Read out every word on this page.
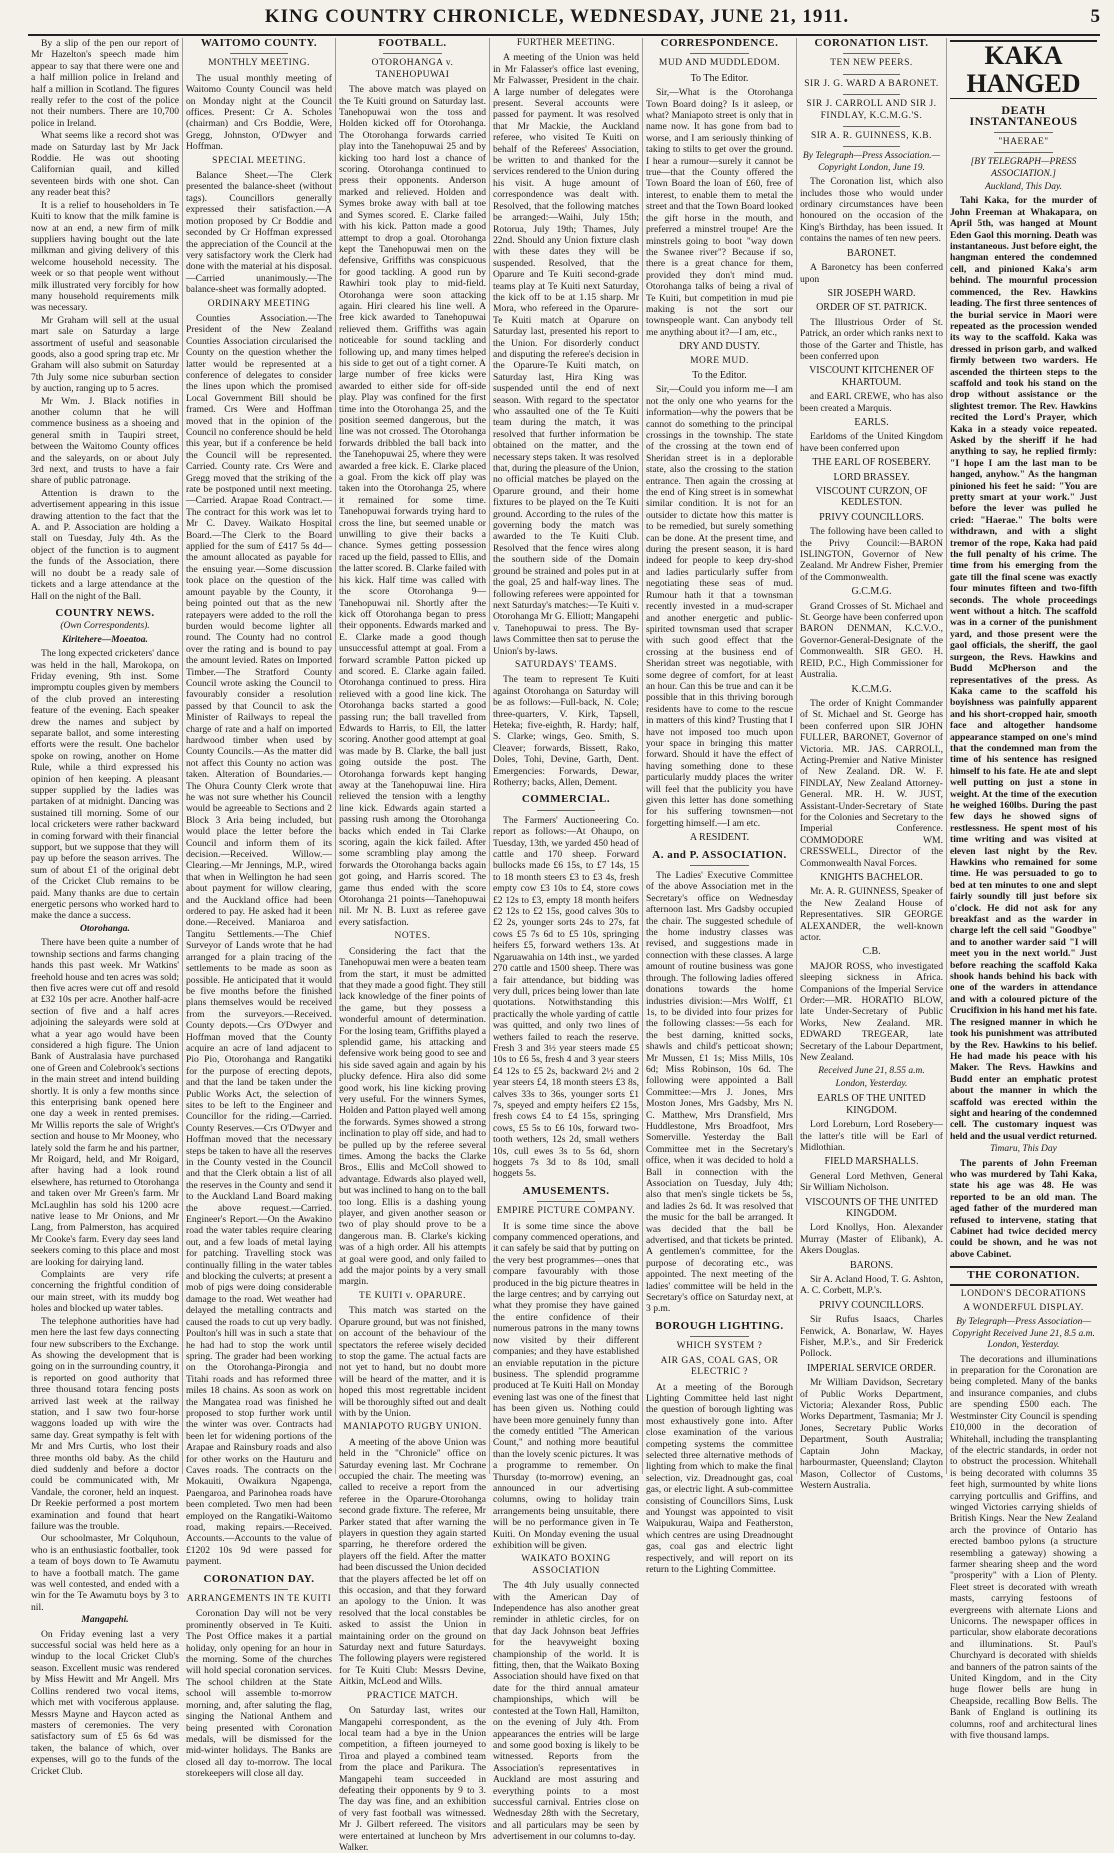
KING COUNTRY CHRONICLE, WEDNESDAY, JUNE 21, 1911.	5

By a slip of the pen our report of Mr Hazelton's speech made him appear to say that there were one and a half million police in Ireland and half a million in Scotland. The figures really refer to the cost of the police not their numbers. There are 10,700 police in Ireland.

What seems like a record shot was made on Saturday last by Mr Jack Roddie. He was out shooting Californian quail, and killed seventeen birds with one shot. Can any reader beat this?

It is a relief to householders in Te Kuiti to know that the milk famine is now at an end, a new firm of milk suppliers having bought out the late milkman and giving delivery of this welcome household necessity. The week or so that people went without milk illustrated very forcibly for how many household requirements milk was necessary.

Mr Graham will sell at the usual mart sale on Saturday a large assortment of useful and seasonable goods, also a good spring trap etc. Mr Graham will also submit on Saturday 7th July some nice suburban section by auction, ranging up to 5 acres.

Mr Wm. J. Black notifies in another column that he will commence business as a shoeing and general smith in Taupiri street, between the Waitomo County offices and the saleyards, on or about July 3rd next, and trusts to have a fair share of public patronage.

Attention is drawn to the advertisement appearing in this issue drawing attention to the fact that the A. and P. Association are holding a stall on Tuesday, July 4th. As the object of the function is to augment the funds of the Association, there will no doubt be a ready sale of tickets and a large attendance at the Hall on the night of the Ball.

COUNTRY NEWS.
(Own Correspondents).
Kiritehere—Moeatoa.

The long expected cricketers' dance was held in the hall, Marokopa, on Friday evening, 9th inst. Some impromptu couples given by members of the club proved an interesting feature of the evening. Each speaker drew the names and subject by separate ballot, and some interesting efforts were the result. One bachelor spoke on rowing, another on Home Rule, while a third expressed his opinion of hen keeping. A pleasant supper supplied by the ladies was partaken of at midnight. Dancing was sustained till morning. Some of our local cricketers were rather backward in coming forward with their financial support, but we suppose that they will pay up before the season arrives. The sum of about £1 of the original debt of the Cricket Club remains to be paid. Many thanks are due to certain energetic persons who worked hard to make the dance a success.

Otorohanga.

There have been quite a number of township sections and farms changing hands this past week. Mr Watkins' freehold house and ten acres was sold; then five acres were cut off and resold at £32 10s per acre. Another half-acre section of five and a half acres adjoining the saleyards were sold at what a year ago would have been considered a high figure. The Union Bank of Australasia have purchased one of Green and Colebrook's sections in the main street and intend building shortly. It is only a few months since this enterprising bank opened here one day a week in rented premises. Mr Willis reports the sale of Wright's section and house to Mr Mooney, who lately sold the farm he and his partner, Mr Roigard, held, and Mr Roigard, after having had a look round elsewhere, has returned to Otorohanga and taken over Mr Green's farm. Mr McLaughlin has sold his 1200 acre native lease to Mr Onions, and Mr Lang, from Palmerston, has acquired Mr Cooke's farm. Every day sees land seekers coming to this place and most are looking for dairying land.

Complaints are very rife concerning the frightful condition of our main street, with its muddy bog holes and blocked up water tables.

The telephone authorities have had men here the last few days connecting four new subscribers to the Exchange. As showing the development that is going on in the surrounding country, it is reported on good authority that three thousand totara fencing posts arrived last week at the railway station, and I saw two four-horse waggons loaded up with wire the same day. Great sympathy is felt with Mr and Mrs Curtis, who lost their three months old baby. As the child died suddenly and before a doctor could be communicated with, Mr Vandale, the coroner, held an inquest. Dr Reekie performed a post mortem examination and found that heart failure was the trouble.

Our schoolmaster, Mr Colquhoun, who is an enthusiastic footballer, took a team of boys down to Te Awamutu to have a football match. The game was well contested, and ended with a win for the Te Awamutu boys by 3 to nil.

Mangapehi.

On Friday evening last a very successful social was held here as a windup to the local Cricket Club's season. Excellent music was rendered by Miss Hewitt and Mr Angell. Mrs Collins rendered two vocal items, which met with vociferous applause. Messrs Mayne and Haycon acted as masters of ceremonies. The very satisfactory sum of £5 6s 6d was taken, the balance of which, over expenses, will go to the funds of the Cricket Club.

WAITOMO COUNTY.
MONTHLY MEETING.

The usual monthly meeting of Waitomo County Council was held on Monday night at the Council offices. Present: Cr A. Scholes (chairman) and Crs Boddie, Were, Gregg, Johnston, O'Dwyer and Hoffman.

SPECIAL MEETING.

Balance Sheet.—The Clerk presented the balance-sheet (without tags). Councillors generally expressed their satisfaction.—A motion proposed by Cr Boddie and seconded by Cr Hoffman expressed the appreciation of the Council at the very satisfactory work the Clerk had done with the material at his disposal.—Carried unanimously.—The balance-sheet was formally adopted.

ORDINARY MEETING

Counties Association.—The President of the New Zealand Counties Association circularised the County on the question whether the latter would be represented at a conference of delegates to consider the lines upon which the promised Local Government Bill should be framed. Crs Were and Hoffman moved that in the opinion of the Council no conference should be held this year, but if a conference be held the Council will be represented. Carried. County rate. Crs Were and Gregg moved that the striking of the rate be postponed until next meeting.—Carried. Arapae Road Contract.—The contract for this work was let to Mr C. Davey. Waikato Hospital Board.—The Clerk to the Board applied for the sum of £417 5s 4d—the amount allocated as payable for the ensuing year.—Some discussion took place on the question of the amount payable by the County, it being pointed out that as the new ratepayers were added to the roll the burden would become lighter all round. The County had no control over the rating and is bound to pay the amount levied. Rates on Imported Timber.—The Stratford County Council wrote asking the Council to favourably consider a resolution passed by that Council to ask the Minister of Railways to repeal the charge of rate and a half on imported hardwood timber when used by County Councils.—As the matter did not affect this County no action was taken. Alteration of Boundaries.—The Ohura County Clerk wrote that he was not sure whether his Council would be agreeable to Sections and 2 Block 3 Aria being included, but would place the letter before the Council and inform them of its decision.—Received. Willow.—Clearing.—Mr Jennings, M.P., wired that when in Wellington he had seen about payment for willow clearing, and the Auckland office had been ordered to pay. He asked had it been done.—Received. Maniaroa and Tangitu Settlements.—The Chief Surveyor of Lands wrote that he had arranged for a plain tracing of the settlements to be made as soon as possible. He anticipated that it would be five months before the finished plans themselves would be received from the surveyors.—Received. County depots.—Crs O'Dwyer and Hoffman moved that the County acquire an acre of land adjacent to Pio Pio, Otorohanga and Rangatiki for the purpose of erecting depots, and that the land be taken under the Public Works Act, the selection of sites to be left to the Engineer and Councillor for the riding.—Carried. County Reserves.—Crs O'Dwyer and Hoffman moved that the necessary steps be taken to have all the reserves in the County vested in the Council and that the Clerk obtain a list of all the reserves in the County and send it to the Auckland Land Board making the above request.—Carried. Engineer's Report.—On the Awakino road the water tables require clearing out, and a few loads of metal laying for patching. Travelling stock was continually filling in the water tables and blocking the culverts; at present a mob of pigs were doing considerable damage to the road. Wet weather had delayed the metalling contracts and caused the roads to cut up very badly. Poulton's hill was in such a state that he had had to stop the work until spring. The grader had been working on the Otorohanga-Pirongia and Titahi roads and has reformed three miles 18 chains. As soon as work on the Mangatea road was finished he proposed to stop further work until the winter was over. Contracts had been let for widening portions of the Arapae and Rainsbury roads and also for other works on the Hauturu and Caves roads. The contracts on the Mokauiti, Owaikura Ngapenga, Paengaroa, and Parinohea roads have been completed. Two men had been employed on the Rangatiki-Waitomo road, making repairs.—Received. Accounts.—Accounts to the value of £1202 10s 9d were passed for payment.

CORONATION DAY.
ARRANGEMENTS IN TE KUITI

Coronation Day will not be very prominently observed in Te Kuiti. The Post Office makes it a partial holiday, only opening for an hour in the morning. Some of the churches will hold special coronation services. The school children at the State school will assemble to-morrow morning, and, after saluting the flag, singing the National Anthem and being presented with Coronation medals, will be dismissed for the mid-winter holidays. The Banks are closed all day to-morrow. The local storekeepers will close all day.

FOOTBALL.
OTOROHANGA v. TANEHOPUWAI

The above match was played on the Te Kuiti ground on Saturday last. Tanehopuwai won the toss and Holden kicked off for Otorohanga. The Otorohanga forwards carried play into the Tanehopuwai 25 and by kicking too hard lost a chance of scoring. Otorohanga continued to press their opponents. Anderson marked and relieved. Holden and Symes broke away with ball at toe and Symes scored. E. Clarke failed with his kick. Patton made a good attempt to drop a goal. Otorohanga kept the Tanehopuwai men on the defensive, Griffiths was conspicuous for good tackling. A good run by Rawhiri took play to mid-field. Otorohanga were soon attacking again. Hiri cleared his line well. A free kick awarded to Tanehopuwai relieved them. Griffiths was again noticeable for sound tackling and following up, and many times helped his side to get out of a tight corner. A large number of free kicks were awarded to either side for off-side play. Play was confined for the first time into the Otorohanga 25, and the position seemed dangerous, but the line was not crossed. The Otorohanga forwards dribbled the ball back into the Tanehopuwai 25, where they were awarded a free kick. E. Clarke placed a goal. From the kick off play was taken into the Otorohanga 25, where it remained for some time. Tanehopuwai forwards trying hard to cross the line, but seemed unable or unwilling to give their backs a chance. Symes getting possession raced up the field, passed to Ellis, and the latter scored. B. Clarke failed with his kick. Half time was called with the score Otorohanga 9—Tanehopuwai nil. Shortly after the kick off Otorohanga began to press their opponents. Edwards marked and E. Clarke made a good though unsuccessful attempt at goal. From a forward scramble Patton picked up and scored. E. Clarke again failed. Otorohanga continued to press. Hira relieved with a good line kick. The Otorohanga backs started a good passing run; the ball travelled from Edwards to Harris, to Ell, the latter scoring. Another good attempt at goal was made by B. Clarke, the ball just going outside the post. The Otorohanga forwards kept hanging away at the Tanehopuwai line. Hira relieved the tension with a lengthy line kick. Edwards again started a passing rush among the Otorohanga backs which ended in Tai Clarke scoring, again the kick failed. After some scrambling play among the forwards the Otorohanga backs again got going, and Harris scored. The game thus ended with the score Otorohanga 21 points—Tanehopuwai nil. Mr N. B. Luxt as referee gave every satisfaction.

NOTES.

Considering the fact that the Tanehopuwai men were a beaten team from the start, it must be admitted that they made a good fight. They still lack knowledge of the finer points of the game, but they possess a wonderful amount of determination. For the losing team, Griffiths played a splendid game, his attacking and defensive work being good to see and his side saved again and again by his plucky defence. Hira also did some good work, his line kicking proving very useful. For the winners Symes, Holden and Patton played well among the forwards. Symes showed a strong inclination to play off side, and had to be pulled up by the referee several times. Among the backs the Clarke Bros., Ellis and McColl showed to advantage. Edwards also played well, but was inclined to hang on to the ball too long. Ellis is a dashing young player, and given another season or two of play should prove to be a dangerous man. B. Clarke's kicking was of a high order. All his attempts at goal were good, and only failed to add the major points by a very small margin.

TE KUITI v. OPARURE.

This match was started on the Oparure ground, but was not finished, on account of the behaviour of the spectators the referee wisely decided to stop the game. The actual facts are not yet to hand, but no doubt more will be heard of the matter, and it is hoped this most regrettable incident will be thoroughly sifted out and dealt with by the Union.

MANIAPOTO RUGBY UNION.

A meeting of the above Union was held in the "Chronicle" office on Saturday evening last. Mr Cochrane occupied the chair. The meeting was called to receive a report from the referee in the Oparure-Otorohanga second grade fixture. The referee, Mr Parker stated that after warning the players in question they again started sparring, he therefore ordered the players off the field. After the matter had been discussed the Union decided that the players affected be let off on this occasion, and that they forward an apology to the Union. It was resolved that the local constables be asked to assist the Union in maintaining order on the ground on Saturday next and future Saturdays. The following players were registered for Te Kuiti Club: Messrs Devine, Aitkin, McLeod and Wills.

PRACTICE MATCH.

On Saturday last, writes our Mangapehi correspondent, as the local team had a bye in the Union competition, a fifteen journeyed to Tiroa and played a combined team from the place and Parikura. The Mangapehi team succeeded in defeating their opponents by 9 to 3. The day was fine, and an exhibition of very fast football was witnessed. Mr J. Gilbert refereed. The visitors were entertained at luncheon by Mrs Walker.

FURTHER MEETING.

A meeting of the Union was held in Mr Falasser's office last evening, Mr Falwasser, President in the chair. A large number of delegates were present. Several accounts were passed for payment. It was resolved that Mr Mackie, the Auckland referee, who visited Te Kuiti on behalf of the Referees' Association, be written to and thanked for the services rendered to the Union during his visit. A huge amount of correspondence was dealt with. Resolved, that the following matches be arranged:—Waihi, July 15th; Rotorua, July 19th; Thames, July 22nd. Should any Union fixture clash with these dates they will be suspended. Resolved, that the Oparure and Te Kuiti second-grade teams play at Te Kuiti next Saturday, the kick off to be at 1.15 sharp. Mr Mora, who refereed in the Oparure-Te Kuiti match at Oparure on Saturday last, presented his report to the Union. For disorderly conduct and disputing the referee's decision in the Oparure-Te Kuiti match, on Saturday last, Hira King was suspended until the end of next season. With regard to the spectator who assaulted one of the Te Kuiti team during the match, it was resolved that further information be obtained on the matter, and the necessary steps taken. It was resolved that, during the pleasure of the Union, no official matches be played on the Oparure ground, and their home fixtures to be played on the Te Kuiti ground. According to the rules of the governing body the match was awarded to the Te Kuiti Club. Resolved that the fence wires along the southern side of the Domain ground be strained and poles put in at the goal, 25 and half-way lines. The following referees were appointed for next Saturday's matches:—Te Kuiti v. Otorohanga Mr G. Elliott; Mangapehi v. Tanehopuwai to press. The By-laws Committee then sat to peruse the Union's by-laws.

SATURDAYS' TEAMS.

The team to represent Te Kuiti against Otorohanga on Saturday will be as follows:—Full-back, N. Cole; three-quarters, V. Kirk, Tapsell, Heteka; five-eighth, R. Hardy; half, S. Clarke; wings, Geo. Smith, S. Cleaver; forwards, Bissett, Rako, Doles, Tohi, Devine, Garth, Dent. Emergencies: Forwards, Dewar, Rotherry; backs, Allen, Dement.

COMMERCIAL.

The Farmers' Auctioneering Co. report as follows:—At Ohaupo, on Tuesday, 13th, we yarded 450 head of cattle and 170 sheep. Forward bullocks made £6 15s, to £7 14s, 15 to 18 month steers £3 to £3 4s, fresh empty cow £3 10s to £4, store cows £2 12s to £3, empty 18 month heifers £2 12s to £2 15s, good calves 30s to £2 2s, younger sorts 24s to 27s, fat cows £5 7s 6d to £5 10s, springing heifers £5, forward wethers 13s. At Ngaruawahia on 14th inst., we yarded 270 cattle and 1500 sheep. There was a fair attendance, but bidding was very dull, prices being lower than late quotations. Notwithstanding this practically the whole yarding of cattle was quitted, and only two lines of wethers failed to reach the reserve. Fresh 3 and 3½ year steers made £5 10s to £6 5s, fresh 4 and 3 year steers £4 12s to £5 2s, backward 2½ and 2 year steers £4, 18 month steers £3 8s, calves 33s to 36s, younger sorts £1 7s, speyed and empty heifers £2 15s, fresh cows £4 to £4 15s, springing cows, £5 5s to £6 10s, forward two-tooth wethers, 12s 2d, small wethers 10s, cull ewes 3s to 5s 6d, shorn hoggets 7s 3d to 8s 10d, small hoggets 5s.

AMUSEMENTS.
EMPIRE PICTURE COMPANY.

It is some time since the above company commenced operations, and it can safely be said that by putting on the very best programmes—ones that compare favourably with those produced in the big picture theatres in the large centres; and by carrying out what they promise they have gained the entire confidence of their numerous patrons in the many towns now visited by their different companies; and they have established an enviable reputation in the picture business. The splendid programme produced at Te Kuiti Hall on Monday evening last was one of the finest that has been given us. Nothing could have been more genuinely funny than the comedy entitled "The American Count," and nothing more beautiful than the lovely scenic pictures. It was a programme to remember. On Thursday (to-morrow) evening, an announced in our advertising columns, owing to holiday train arrangements being unsuitable, there will be no performance given in Te Kuiti. On Monday evening the usual exhibition will be given.

WAIKATO BOXING ASSOCIATION

The 4th July usually connected with the American Day of Independence has also another great reminder in athletic circles, for on that day Jack Johnson beat Jeffries for the heavyweight boxing championship of the world. It is fitting, then, that the Waikato Boxing Association should have fixed on that date for the third annual amateur championships, which will be contested at the Town Hall, Hamilton, on the evening of July 4th. From appearances the entries will be large and some good boxing is likely to be witnessed. Reports from the Association's representatives in Auckland are most assuring and everything points to a most successful carnival. Entries close on Wednesday 28th with the Secretary, and all particulars may be seen by advertisement in our columns to-day.

CORRESPONDENCE.
MUD AND MUDDLEDOM.
To The Editor.

Sir,—What is the Otorohanga Town Board doing? Is it asleep, or what? Maniapoto street is only that in name now. It has gone from bad to worse, and I am seriously thinking of taking to stilts to get over the ground. I hear a rumour—surely it cannot be true—that the County offered the Town Board the loan of £60, free of interest, to enable them to metal the street and that the Town Board looked the gift horse in the mouth, and preferred a minstrel troupe! Are the minstrels going to boot "way down the Swanee river"? Because if so, there is a great chance for them, provided they don't mind mud. Otorohanga talks of being a rival of Te Kuiti, but competition in mud pie making is not the sort our townspeople want. Can anybody tell me anything about it?—I am, etc.,

DRY AND DUSTY.
MORE MUD.
To the Editor.

Sir,—Could you inform me—I am not the only one who yearns for the information—why the powers that be cannot do something to the principal crossings in the township. The state of the crossing at the town end of Sheridan street is in a deplorable state, also the crossing to the station entrance. Then again the crossing at the end of King street is in somewhat similar condition. It is not for an outsider to dictate how this matter is to be remedied, but surely something can be done. At the present time, and during the present season, it is hard indeed for people to keep dry-shod and ladies particularly suffer from negotiating these seas of mud. Rumour hath it that a townsman recently invested in a mud-scraper and another energetic and public-spirited townsman used that scraper with such good effect that the crossing at the business end of Sheridan street was negotiable, with some degree of comfort, for at least an hour. Can this be true and can it be possible that in this thriving borough residents have to come to the rescue in matters of this kind? Trusting that I have not imposed too much upon your space in bringing this matter forward. Should it have the effect of having something done to these particularly muddy places the writer will feel that the publicity you have given this letter has done something for his suffering townsmen—not forgetting himself.—I am etc.

A RESIDENT.
A. and P. ASSOCIATION.

The Ladies' Executive Committee of the above Association met in the Secretary's office on Wednesday afternoon last. Mrs Gadsby occupied the chair. The suggested schedule of the home industry classes was revised, and suggestions made in connection with these classes. A large amount of routine business was gone through. The following ladies offered donations towards the home industries division:—Mrs Wolff, £1 1s, to be divided into four prizes for the following classes:—5s each for the best darning, knitted socks, shawls and child's petticoat shown; Mr Mussen, £1 1s; Miss Mills, 10s 6d; Miss Robinson, 10s 6d. The following were appointed a Ball Committee:—Mrs J. Jones, Mrs Moston Jones, Mrs Gadsby, Mrs N. C. Matthew, Mrs Dransfield, Mrs Huddlestone, Mrs Broadfoot, Mrs Somerville. Yesterday the Ball Committee met in the Secretary's office, when it was decided to hold a Ball in connection with the Association on Tuesday, July 4th; also that men's single tickets be 5s, and ladies 2s 6d. It was resolved that the music for the ball be arranged. It was decided that the ball be advertised, and that tickets be printed. A gentlemen's committee, for the purpose of decorating etc., was appointed. The next meeting of the ladies' committee will be held in the Secretary's office on Saturday next, at 3 p.m.

BOROUGH LIGHTING.
WHICH SYSTEM ?
AIR GAS, COAL GAS, OR ELECTRIC ?

At a meeting of the Borough Lighting Committee held last night the question of borough lighting was most exhaustively gone into. After close examination of the various competing systems the committee selected three alternative methods of lighting from which to make the final selection, viz. Dreadnought gas, coal gas, or electric light. A sub-committee consisting of Councillors Sims, Lusk and Youngst was appointed to visit Waipukurau, Waipa and Featherston, which centres are using Dreadnought gas, coal gas and electric light respectively, and will report on its return to the Lighting Committee.

CORONATION LIST.
TEN NEW PEERS.
SIR J. G. WARD A BARONET.
SIR J. CARROLL AND SIR J. FINDLAY, K.C.M.G.'S.
SIR A. R. GUINNESS, K.B.
By Telegraph—Press Association.—Copyright London, June 19.

The Coronation list, which also includes those who would under ordinary circumstances have been honoured on the occasion of the King's Birthday, has been issued. It contains the names of ten new peers.

BARONET.

A Baronetcy has been conferred upon

SIR JOSEPH WARD.
ORDER OF ST. PATRICK.

The Illustrious Order of St. Patrick, an order which ranks next to those of the Garter and Thistle, has been conferred upon

VISCOUNT KITCHENER OF KHARTOUM.

and EARL CREWE, who has also been created a Marquis.

EARLS.

Earldoms of the United Kingdom have been conferred upon

THE EARL OF ROSEBERY.
LORD BRASSEY.
VISCOUNT CURZON, OF KEDLESTON.
PRIVY COUNCILLORS.

The following have been called to the Privy Council:—BARON ISLINGTON, Governor of New Zealand. Mr Andrew Fisher, Premier of the Commonwealth.

G.C.M.G.

Grand Crosses of St. Michael and St. George have been conferred upon BARON DENMAN, K.C.V.O., Governor-General-Designate of the Commonwealth. SIR GEO. H. REID, P.C., High Commissioner for Australia.

K.C.M.G.

The order of Knight Commander of St. Michael and St. George has been conferred upon SIR JOHN FULLER, BARONET, Governor of Victoria. MR. JAS. CARROLL, Acting-Premier and Native Minister of New Zealand. DR. W. F. FINDLAY, New Zealand Attorney-General. MR. H. W. JUST, Assistant-Under-Secretary of State for the Colonies and Secretary to the Imperial Conference. COMMODORE WM. CRESSWELL, Director of the Commonwealth Naval Forces.

KNIGHTS BACHELOR.

Mr. A. R. GUINNESS, Speaker of the New Zealand House of Representatives. SIR GEORGE ALEXANDER, the well-known actor.

C.B.

MAJOR ROSS, who investigated sleeping sickness in Africa. Companions of the Imperial Service Order:—MR. HORATIO BLOW, late Under-Secretary of Public Works, New Zealand. MR. EDWARD TREGEAR, late Secretary of the Labour Department, New Zealand.

Received June 21, 8.55 a.m.
London, Yesterday.
EARLS OF THE UNITED KINGDOM.

Lord Loreburn, Lord Rosebery—the latter's title will be Earl of Midlothian.

FIELD MARSHALLS.

General Lord Methven, General Sir William Nicholson.

VISCOUNTS OF THE UNITED KINGDOM.

Lord Knollys, Hon. Alexander Murray (Master of Elibank), A. Akers Douglas.

BARONS.

Sir A. Acland Hood, T. G. Ashton, A. C. Corbett, M.P.'s.

PRIVY COUNCILLORS.

Sir Rufus Isaacs, Charles Fenwick, A. Bonarlaw, W. Hayes Fisher, M.P.'s., and Sir Frederick Pollock.

IMPERIAL SERVICE ORDER.

Mr William Davidson, Secretary of Public Works Department, Victoria; Alexander Ross, Public Works Department, Tasmania; Mr J. Jones, Secretary Public Works Department, South Australia; Captain John Mackay, harbourmaster, Queensland; Clayton Mason, Collector of Customs, Western Australia.

KAKA HANGED
DEATH INSTANTANEOUS
"HAERAE"
[BY TELEGRAPH—PRESS ASSOCIATION.]
Auckland, This Day.

Tahi Kaka, for the murder of John Freeman at Whakapara, on April 5th, was hanged at Mount Eden Gaol this morning. Death was instantaneous. Just before eight, the hangman entered the condemned cell, and pinioned Kaka's arm behind. The mournful procession commenced, the Rev. Hawkins leading. The first three sentences of the burial service in Maori were repeated as the procession wended its way to the scaffold. Kaka was dressed in prison garb, and walked firmly between two warders. He ascended the thirteen steps to the scaffold and took his stand on the drop without assistance or the slightest tremor. The Rev. Hawkins recited the Lord's Prayer, which Kaka in a steady voice repeated. Asked by the sheriff if he had anything to say, he replied firmly: "I hope I am the last man to be hanged, anyhow." As the hangman pinioned his feet he said: "You are pretty smart at your work." Just before the lever was pulled he cried: "Haerae." The bolts were withdrawn, and with a slight tremor of the rope, Kaka had paid the full penalty of his crime. The time from his emerging from the gate till the final scene was exactly four minutes fifteen and two-fifth seconds. The whole proceedings went without a hitch. The scaffold was in a corner of the punishment yard, and those present were the gaol officials, the sheriff, the gaol surgeon, the Revs. Hawkins and Budd McPherson and the representatives of the press. As Kaka came to the scaffold his boyishness was painfully apparent and his short-cropped hair, smooth face and altogether handsome appearance stamped on one's mind that the condemned man from the time of his sentence has resigned himself to his fate. He ate and slept well putting on just a stone in weight. At the time of the execution he weighed 160lbs. During the past few days he showed signs of restlessness. He spent most of his time writing and was visited at eleven last night by the Rev. Hawkins who remained for some time. He was persuaded to go to bed at ten minutes to one and slept fairly soundly till just before six o'clock. He did not ask for any breakfast and as the warder in charge left the cell said "Goodbye" and to another warder said "I will meet you in the next world." Just before reaching the scaffold Kaka shook hands behind his back with one of the warders in attendance and with a coloured picture of the Crucifixion in his hand met his fate. The resigned manner in which he took his punishment was attributed by the Rev. Hawkins to his belief. He had made his peace with his Maker. The Revs. Hawkins and Budd enter an emphatic protest about the manner in which the scaffold was erected within the sight and hearing of the condemned cell. The customary inquest was held and the usual verdict returned.

Timaru, This Day

The parents of John Freeman who was murdered by Tahi Kaka, state his age was 48. He was reported to be an old man. The aged father of the murdered man refused to intervene, stating that Cabinet had twice decided mercy could be shown, and he was not above Cabinet.

THE CORONATION.
LONDON'S DECORATIONS
A WONDERFUL DISPLAY.
By Telegraph—Press Association—Copyright Received June 21, 8.5 a.m. London, Yesterday.

The decorations and illuminations in preparation for the Coronation are being completed. Many of the banks and insurance companies, and clubs are spending £500 each. The Westminster City Council is spending £10,000 in the decoration of Whitehall, including the transplanting of the electric standards, in order not to obstruct the procession. Whitehall is being decorated with columns 35 feet high, surmounted by white lions carrying portcullis and Griffins, and winged Victories carrying shields of British Kings. Near the New Zealand arch the province of Ontario has erected bamboo pylons (a structure resembling a gateway) showing a farmer shearing sheep and the word "prosperity" with a Lion of Plenty. Fleet street is decorated with wreath masts, carrying festoons of evergreens with alternate Lions and Unicorns. The newspaper offices in particular, show elaborate decorations and illuminations. St. Paul's Churchyard is decorated with shields and banners of the patron saints of the United Kingdom, and in the City huge flower bells are hung in Cheapside, recalling Bow Bells. The Bank of England is outlining its columns, roof and architectural lines with five thousand lamps.
